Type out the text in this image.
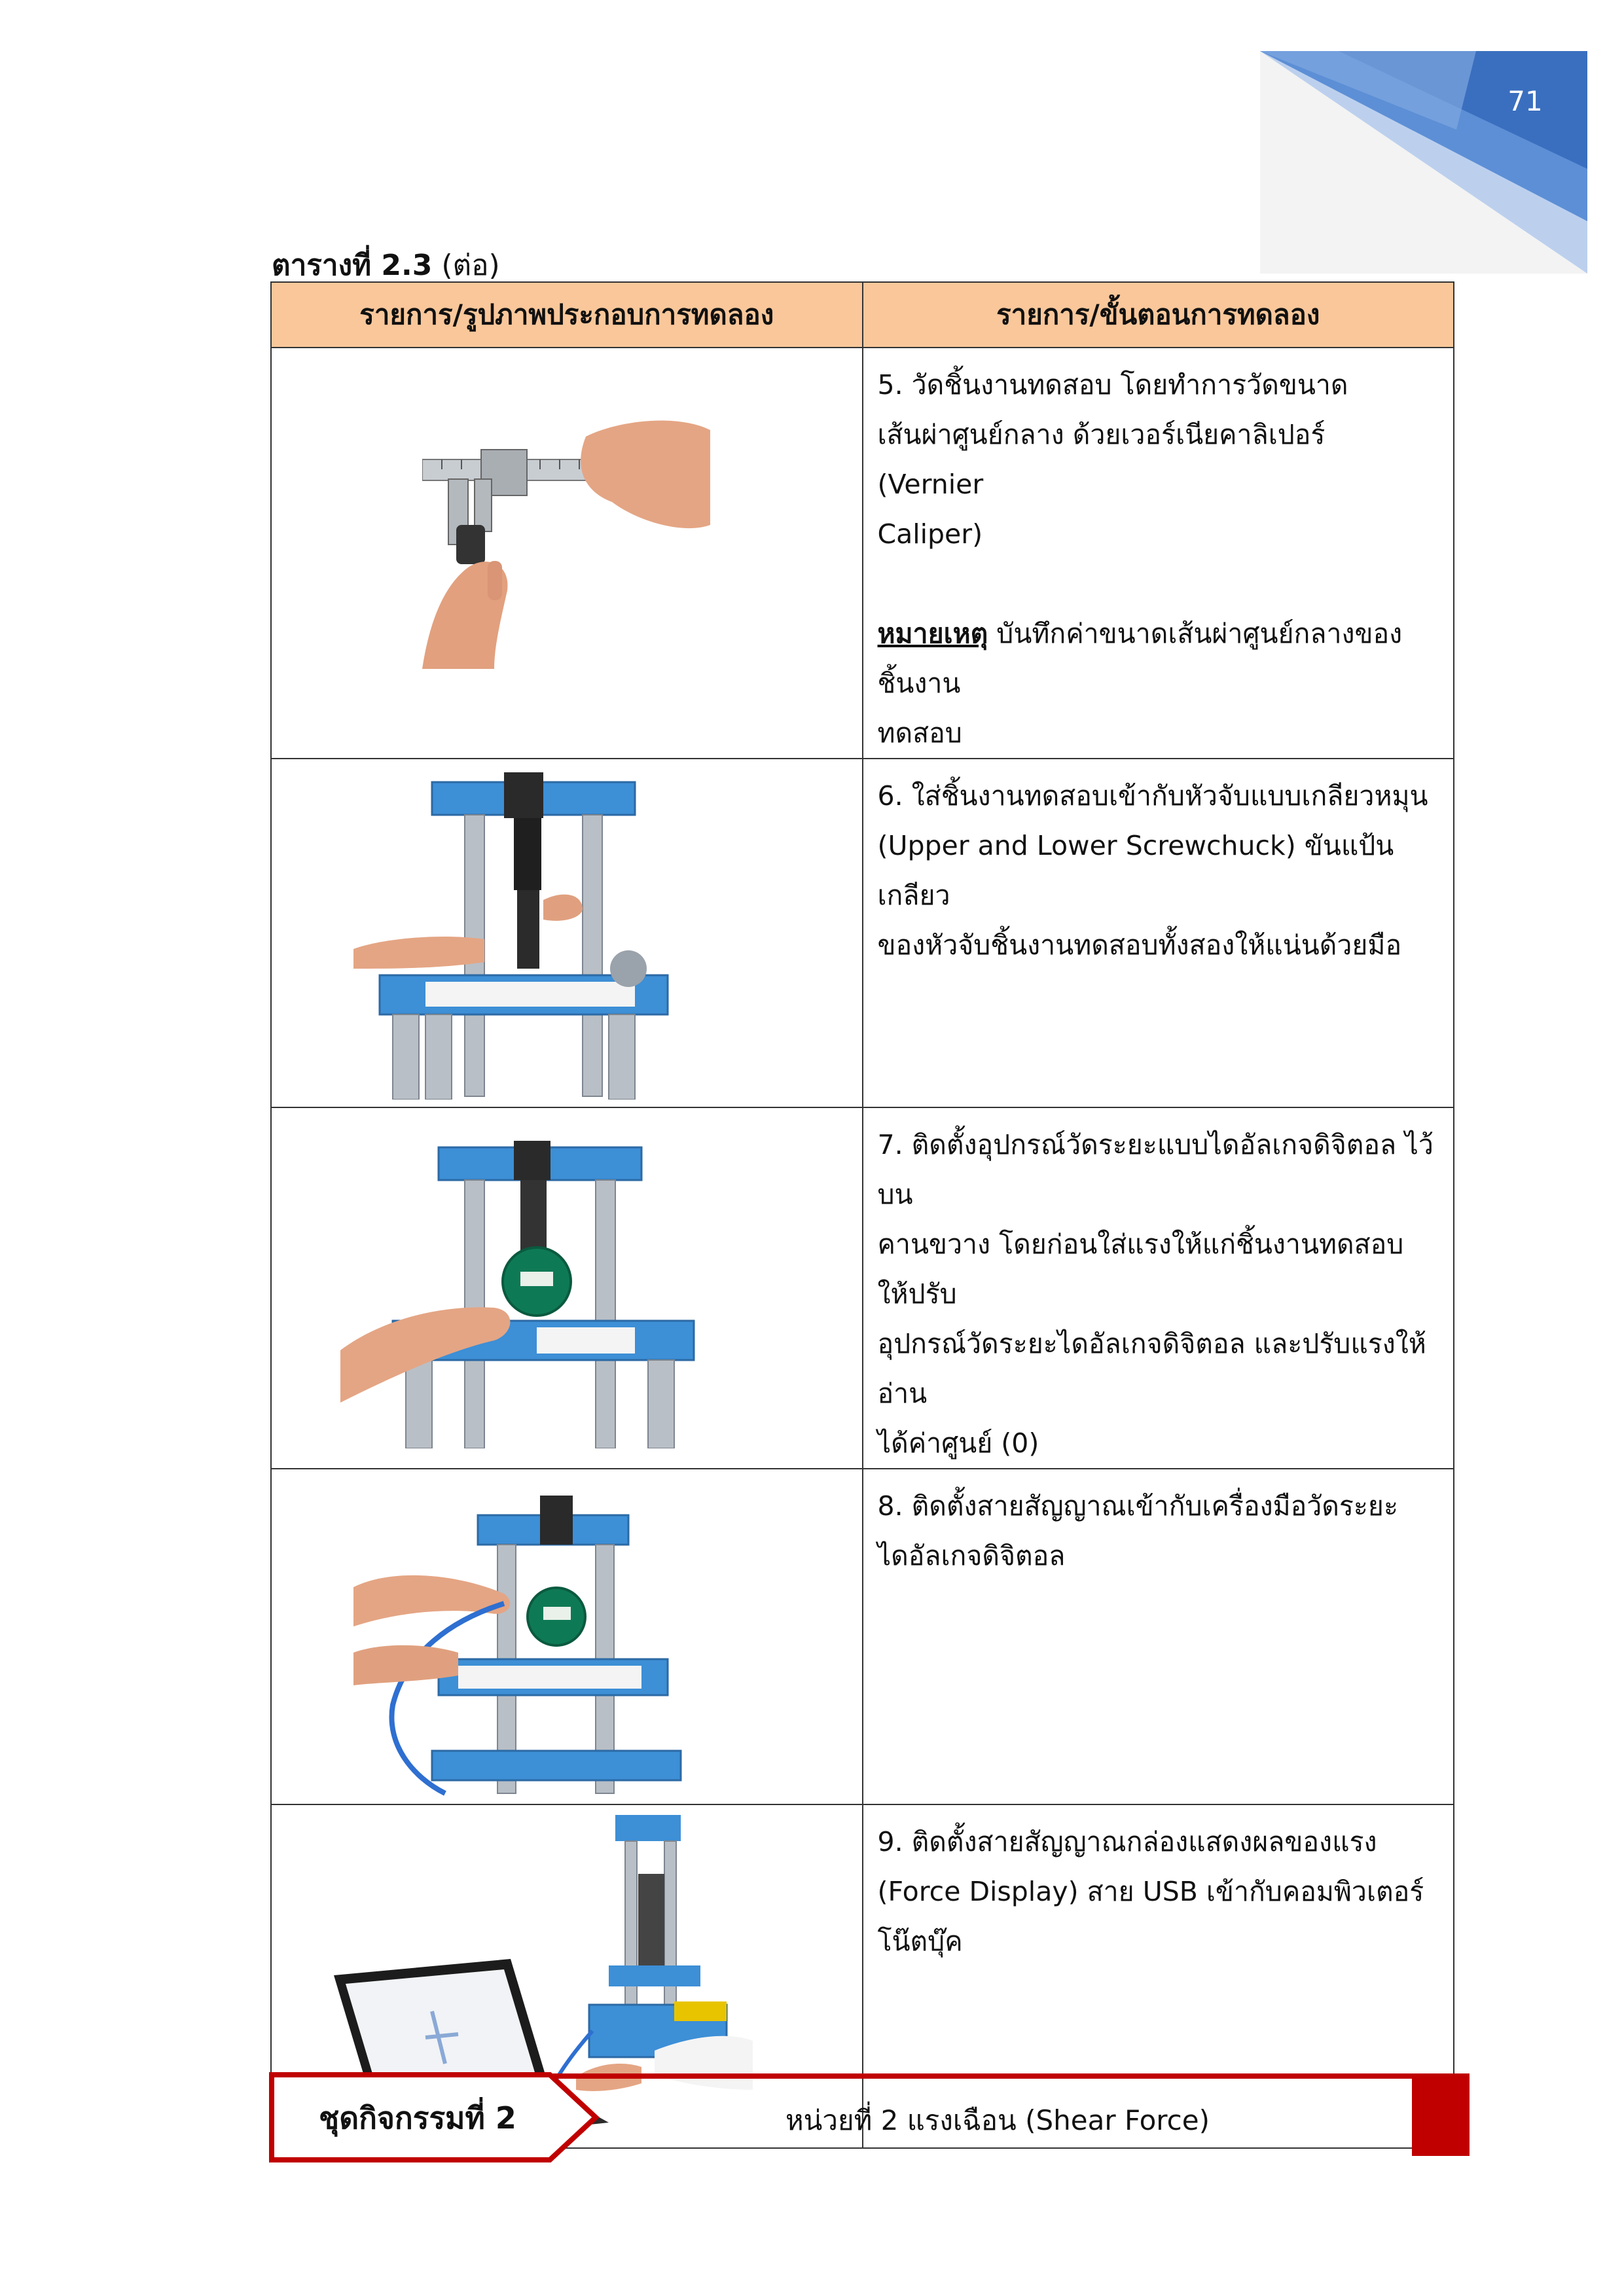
71
ตารางที่ 2.3 (ต่อ)
รายการ/รูปภาพประกอบการทดลอง	รายการ/ขั้นตอนการทดลอง

5. วัดชิ้นงานทดสอบ โดยทำการวัดขนาด
เส้นผ่าศูนย์กลาง ด้วยเวอร์เนียคาลิเปอร์ (Vernier
Caliper)
หมายเหตุ บันทึกค่าขนาดเส้นผ่าศูนย์กลางของชิ้นงาน
ทดสอบ

6. ใส่ชิ้นงานทดสอบเข้ากับหัวจับแบบเกลียวหมุน
(Upper and Lower Screwchuck) ขันแป้นเกลียว
ของหัวจับชิ้นงานทดสอบทั้งสองให้แน่นด้วยมือ

7. ติดตั้งอุปกรณ์วัดระยะแบบไดอัลเกจดิจิตอล ไว้บน
คานขวาง โดยก่อนใส่แรงให้แก่ชิ้นงานทดสอบ ให้ปรับ
อุปกรณ์วัดระยะไดอัลเกจดิจิตอล และปรับแรงให้อ่าน
ได้ค่าศูนย์ (0)

8. ติดตั้งสายสัญญาณเข้ากับเครื่องมือวัดระยะ
ไดอัลเกจดิจิตอล

9. ติดตั้งสายสัญญาณกล่องแสดงผลของแรง
(Force Display) สาย USB เข้ากับคอมพิวเตอร์โน๊ตบุ๊ค
ชุดกิจกรรมที่ 2	หน่วยที่ 2 แรงเฉือน (Shear Force)
